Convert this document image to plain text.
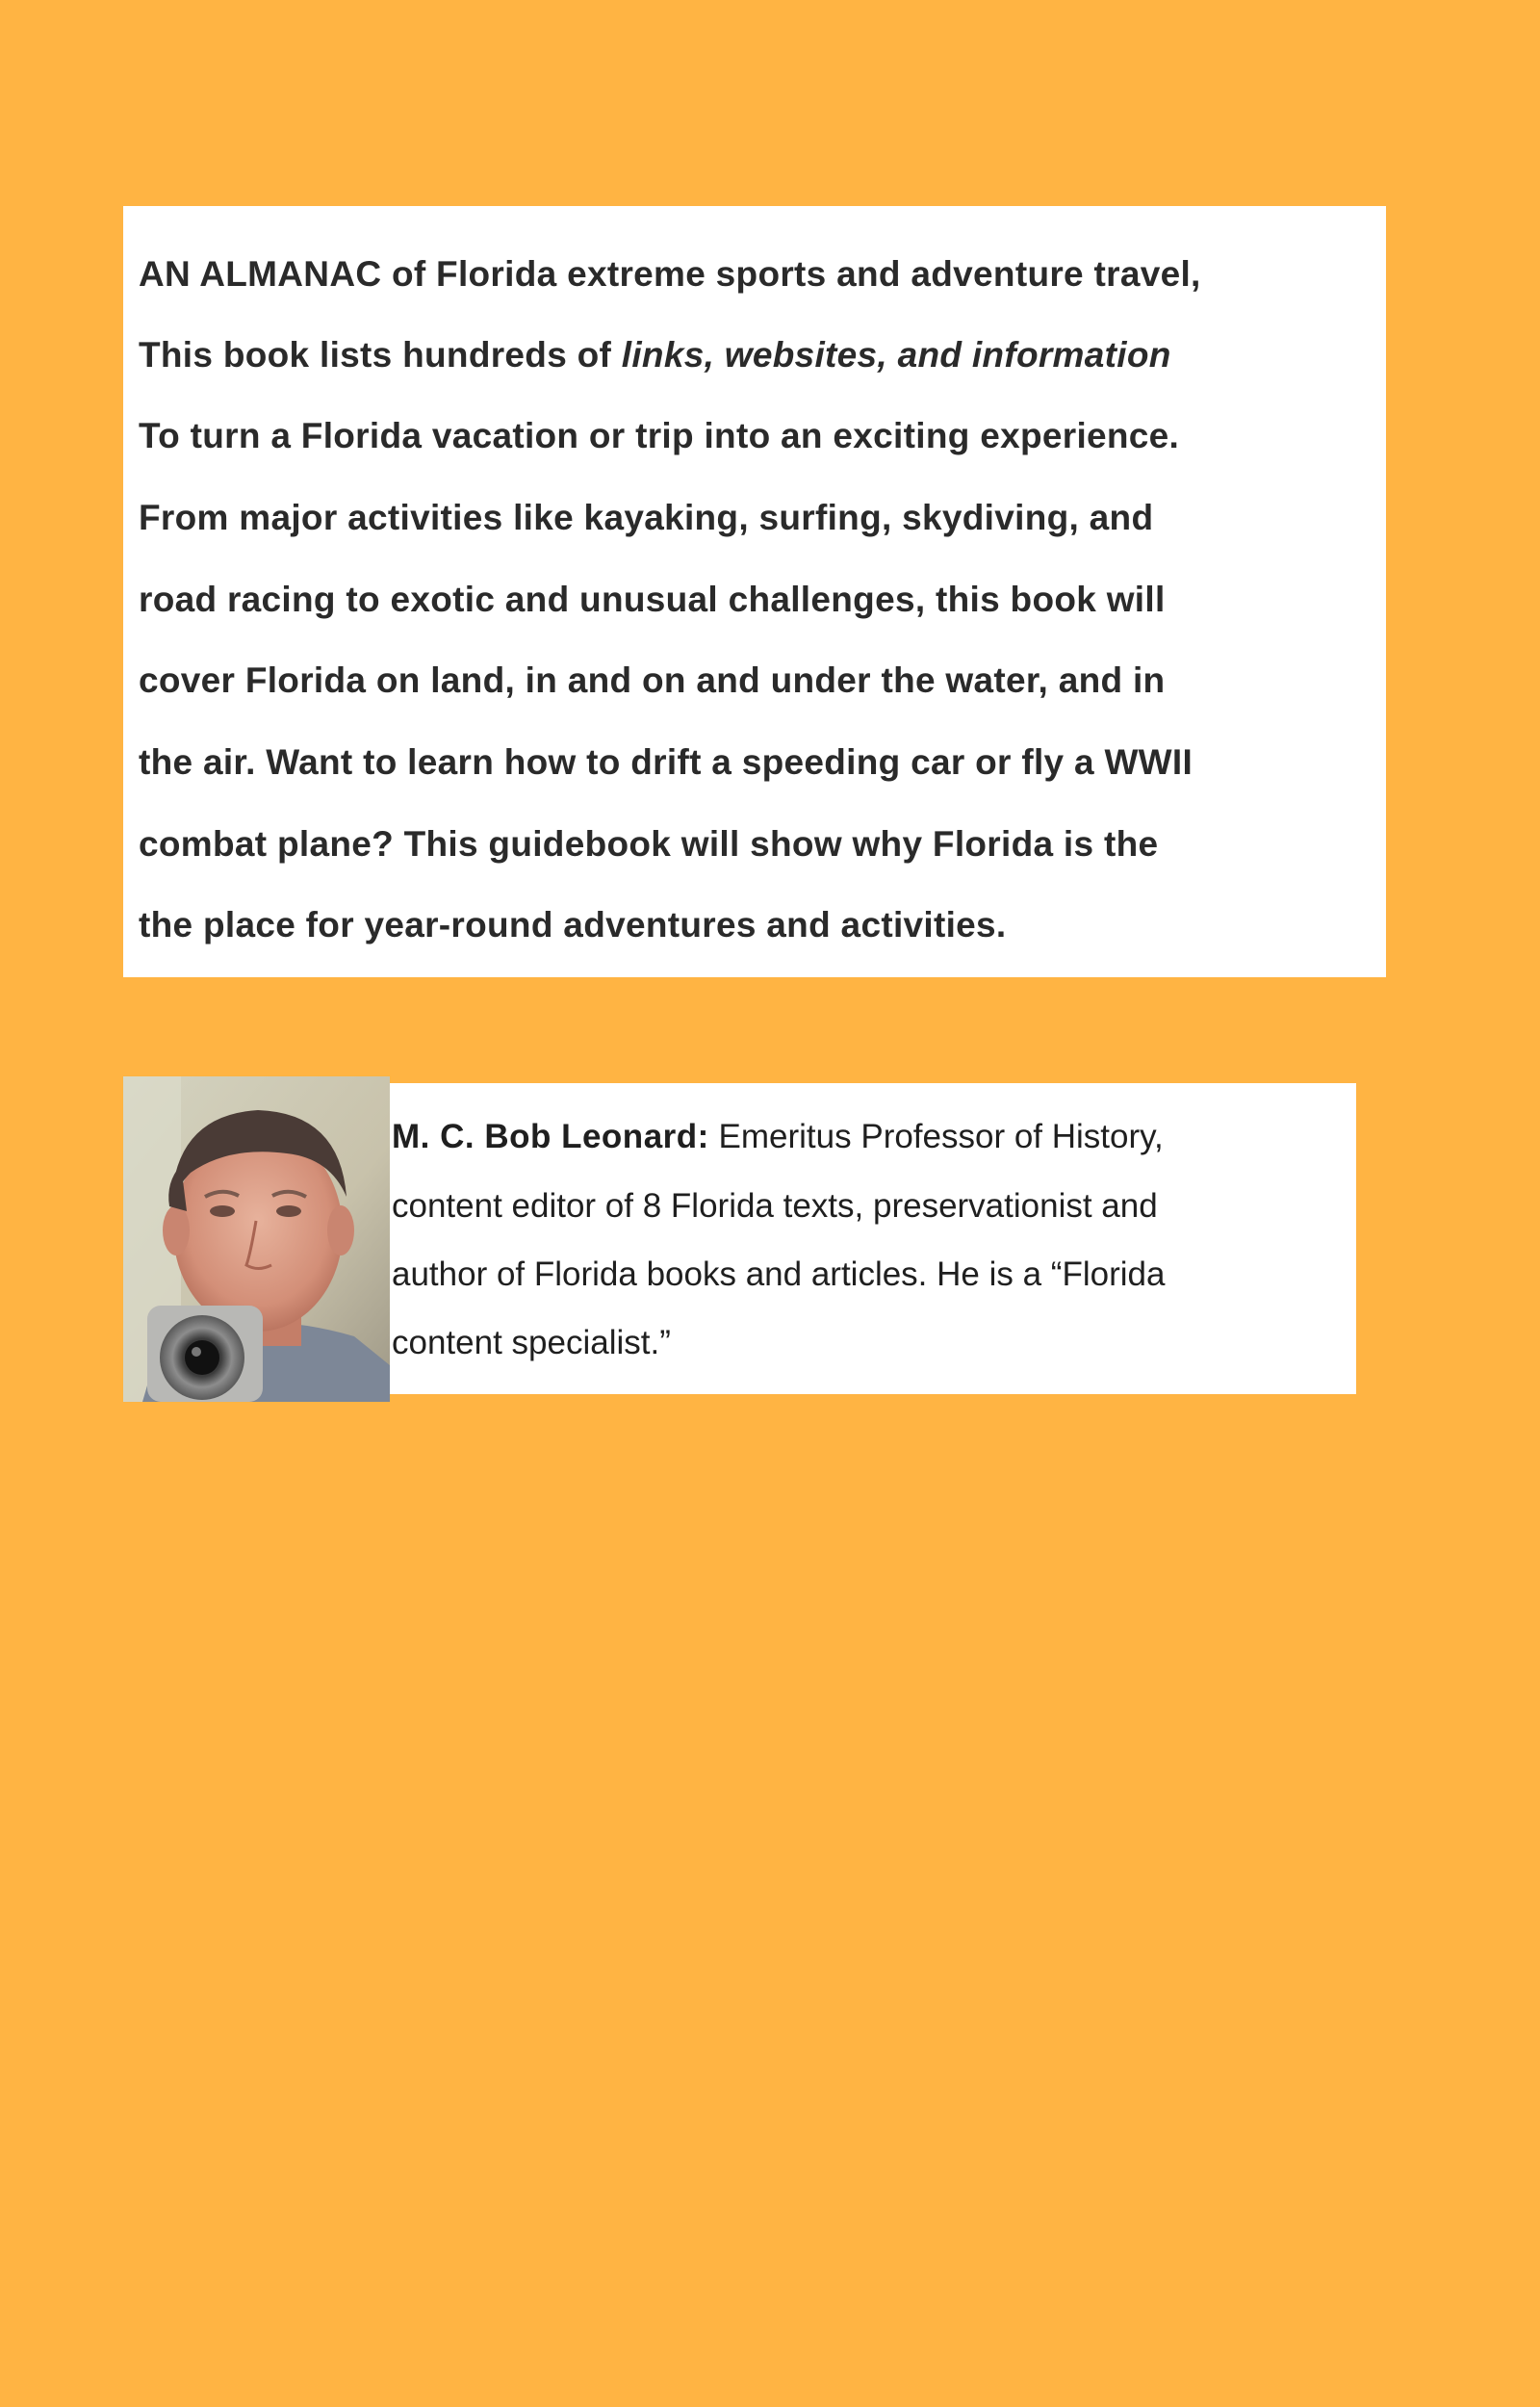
AN ALMANAC of Florida extreme sports and adventure travel,
This book lists hundreds of links, websites, and information
To turn a Florida vacation or trip into an exciting experience.
From major activities like kayaking, surfing, skydiving, and
road racing to exotic and unusual challenges, this book will
cover Florida on land, in and on and under the water, and in
the air. Want to learn how to drift a speeding car or fly a WWII
combat plane? This guidebook will show why Florida is the
the place for year-round adventures and activities.
M. C. Bob Leonard: Emeritus Professor of History,
content editor of 8 Florida texts, preservationist and
author of Florida books and articles. He is a “Florida
content specialist.”
